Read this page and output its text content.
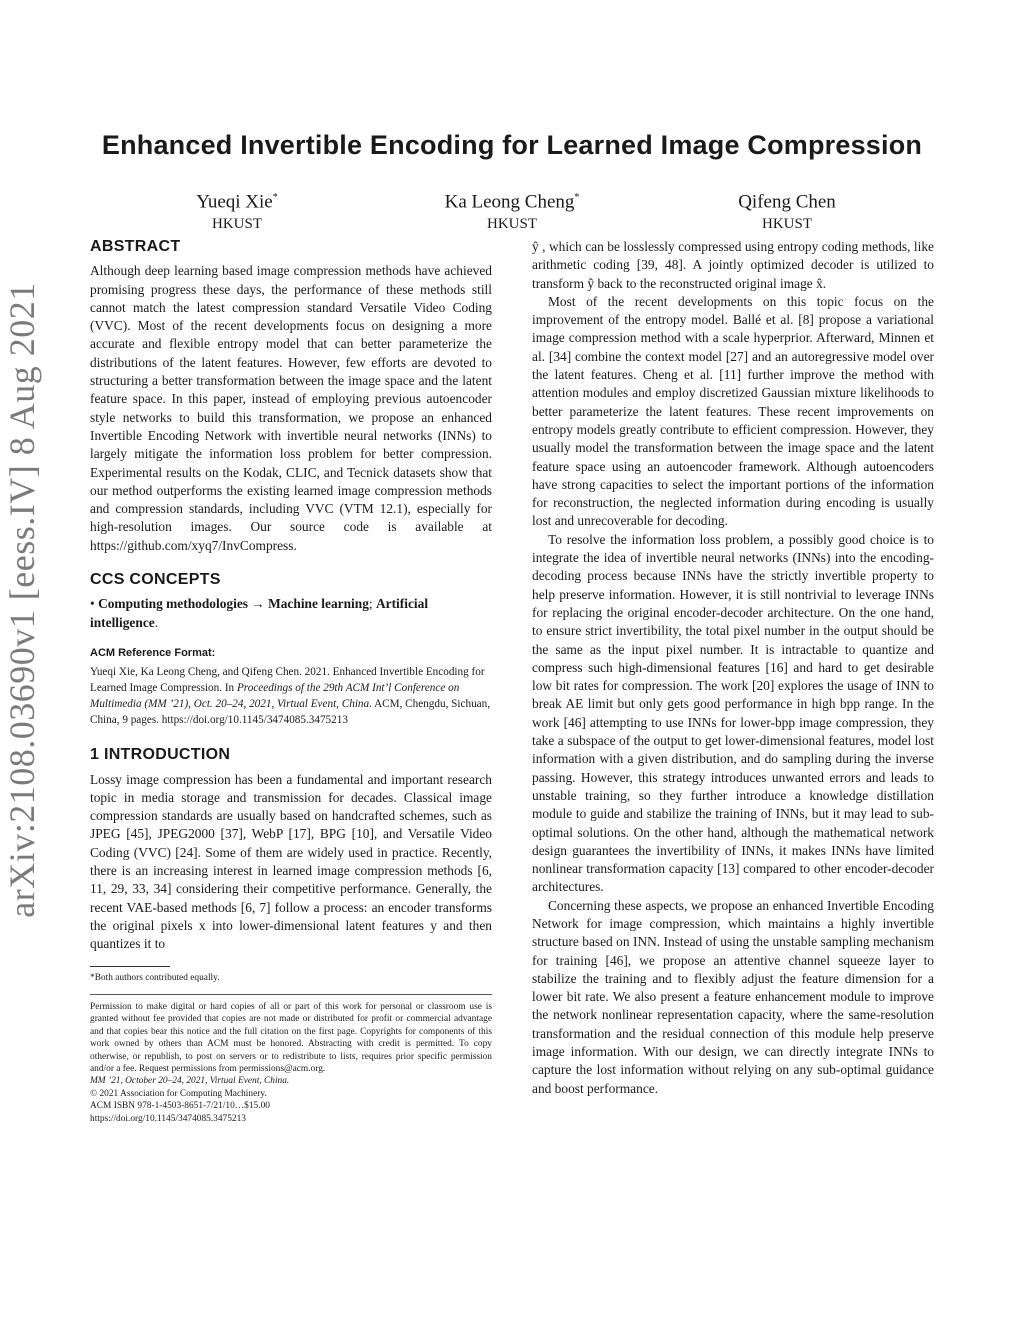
arXiv:2108.03690v1 [eess.IV] 8 Aug 2021
Enhanced Invertible Encoding for Learned Image Compression
Yueqi Xie*
HKUST
Ka Leong Cheng*
HKUST
Qifeng Chen
HKUST
ABSTRACT

Although deep learning based image compression methods have achieved promising progress these days, the performance of these methods still cannot match the latest compression standard Versatile Video Coding (VVC). Most of the recent developments focus on designing a more accurate and flexible entropy model that can better parameterize the distributions of the latent features. However, few efforts are devoted to structuring a better transformation between the image space and the latent feature space. In this paper, instead of employing previous autoencoder style networks to build this transformation, we propose an enhanced Invertible Encoding Network with invertible neural networks (INNs) to largely mitigate the information loss problem for better compression. Experimental results on the Kodak, CLIC, and Tecnick datasets show that our method outperforms the existing learned image compression methods and compression standards, including VVC (VTM 12.1), especially for high-resolution images. Our source code is available at https://github.com/xyq7/InvCompress.

CCS CONCEPTS

• Computing methodologies → Machine learning; Artificial intelligence.

ACM Reference Format:

Yueqi Xie, Ka Leong Cheng, and Qifeng Chen. 2021. Enhanced Invertible Encoding for Learned Image Compression. In Proceedings of the 29th ACM Int’l Conference on Multimedia (MM ’21), Oct. 20–24, 2021, Virtual Event, China. ACM, Chengdu, Sichuan, China, 9 pages. https://doi.org/10.1145/3474085.3475213

1 INTRODUCTION

Lossy image compression has been a fundamental and important research topic in media storage and transmission for decades. Classical image compression standards are usually based on handcrafted schemes, such as JPEG [45], JPEG2000 [37], WebP [17], BPG [10], and Versatile Video Coding (VVC) [24]. Some of them are widely used in practice. Recently, there is an increasing interest in learned image compression methods [6, 11, 29, 33, 34] considering their competitive performance. Generally, the recent VAE-based methods [6, 7] follow a process: an encoder transforms the original pixels x into lower-dimensional latent features y and then quantizes it to

*Both authors contributed equally.

Permission to make digital or hard copies of all or part of this work for personal or classroom use is granted without fee provided that copies are not made or distributed for profit or commercial advantage and that copies bear this notice and the full citation on the first page. Copyrights for components of this work owned by others than ACM must be honored. Abstracting with credit is permitted. To copy otherwise, or republish, to post on servers or to redistribute to lists, requires prior specific permission and/or a fee. Request permissions from permissions@acm.org.

MM ’21, October 20–24, 2021, Virtual Event, China.

© 2021 Association for Computing Machinery.

ACM ISBN 978-1-4503-8651-7/21/10…$15.00

https://doi.org/10.1145/3474085.3475213

ŷ , which can be losslessly compressed using entropy coding methods, like arithmetic coding [39, 48]. A jointly optimized decoder is utilized to transform ŷ back to the reconstructed original image x̂.

Most of the recent developments on this topic focus on the improvement of the entropy model. Ballé et al. [8] propose a variational image compression method with a scale hyperprior. Afterward, Minnen et al. [34] combine the context model [27] and an autoregressive model over the latent features. Cheng et al. [11] further improve the method with attention modules and employ discretized Gaussian mixture likelihoods to better parameterize the latent features. These recent improvements on entropy models greatly contribute to efficient compression. However, they usually model the transformation between the image space and the latent feature space using an autoencoder framework. Although autoencoders have strong capacities to select the important portions of the information for reconstruction, the neglected information during encoding is usually lost and unrecoverable for decoding.

To resolve the information loss problem, a possibly good choice is to integrate the idea of invertible neural networks (INNs) into the encoding-decoding process because INNs have the strictly invertible property to help preserve information. However, it is still nontrivial to leverage INNs for replacing the original encoder-decoder architecture. On the one hand, to ensure strict invertibility, the total pixel number in the output should be the same as the input pixel number. It is intractable to quantize and compress such high-dimensional features [16] and hard to get desirable low bit rates for compression. The work [20] explores the usage of INN to break AE limit but only gets good performance in high bpp range. In the work [46] attempting to use INNs for lower-bpp image compression, they take a subspace of the output to get lower-dimensional features, model lost information with a given distribution, and do sampling during the inverse passing. However, this strategy introduces unwanted errors and leads to unstable training, so they further introduce a knowledge distillation module to guide and stabilize the training of INNs, but it may lead to sub-optimal solutions. On the other hand, although the mathematical network design guarantees the invertibility of INNs, it makes INNs have limited nonlinear transformation capacity [13] compared to other encoder-decoder architectures.

Concerning these aspects, we propose an enhanced Invertible Encoding Network for image compression, which maintains a highly invertible structure based on INN. Instead of using the unstable sampling mechanism for training [46], we propose an attentive channel squeeze layer to stabilize the training and to flexibly adjust the feature dimension for a lower bit rate. We also present a feature enhancement module to improve the network nonlinear representation capacity, where the same-resolution transformation and the residual connection of this module help preserve image information. With our design, we can directly integrate INNs to capture the lost information without relying on any sub-optimal guidance and boost performance.
